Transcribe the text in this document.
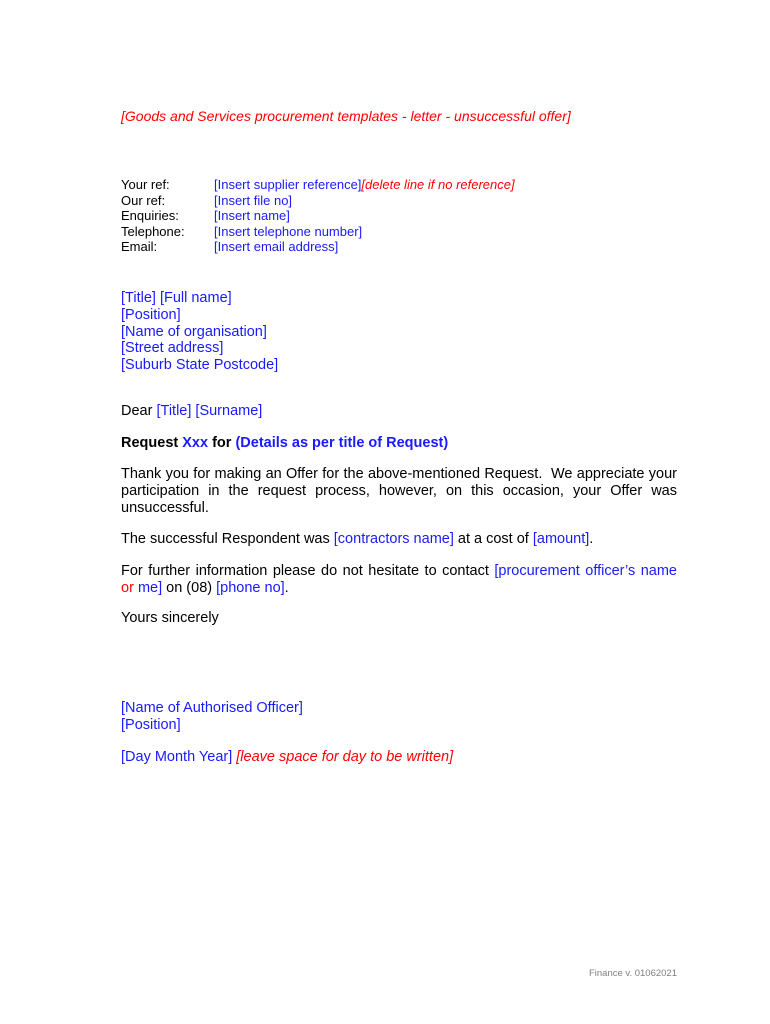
[Goods and Services procurement templates - letter - unsuccessful offer]
Your ref:	[Insert supplier reference] [delete line if no reference]
Our ref:	[Insert file no]
Enquiries:	[Insert name]
Telephone:	[Insert telephone number]
Email:	[Insert email address]
[Title] [Full name]
[Position]
[Name of organisation]
[Street address]
[Suburb State Postcode]
Dear [Title] [Surname]
Request Xxx for (Details as per title of Request)
Thank you for making an Offer for the above-mentioned Request.  We appreciate your participation in the request process, however, on this occasion, your Offer was unsuccessful.
The successful Respondent was [contractors name] at a cost of [amount].
For further information please do not hesitate to contact [procurement officer’s name or me] on (08) [phone no].
Yours sincerely
[Name of Authorised Officer]
[Position]
[Day Month Year] [leave space for day to be written]
Finance v. 01062021
